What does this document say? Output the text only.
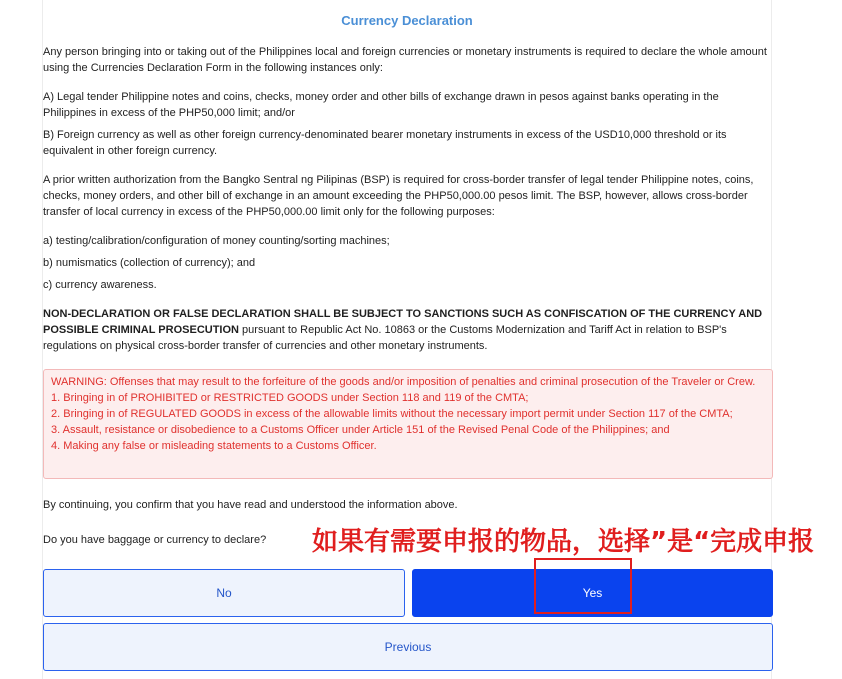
Currency Declaration

Any person bringing into or taking out of the Philippines local and foreign currencies or monetary instruments is required to declare the whole amount using the Currencies Declaration Form in the following instances only:

A) Legal tender Philippine notes and coins, checks, money order and other bills of exchange drawn in pesos against banks operating in the Philippines in excess of the PHP50,000 limit; and/or

B) Foreign currency as well as other foreign currency-denominated bearer monetary instruments in excess of the USD10,000 threshold or its equivalent in other foreign currency.

A prior written authorization from the Bangko Sentral ng Pilipinas (BSP) is required for cross-border transfer of legal tender Philippine notes, coins, checks, money orders, and other bill of exchange in an amount exceeding the PHP50,000.00 pesos limit. The BSP, however, allows cross-border transfer of local currency in excess of the PHP50,000.00 limit only for the following purposes:

a) testing/calibration/configuration of money counting/sorting machines;

b) numismatics (collection of currency); and

c) currency awareness.

NON-DECLARATION OR FALSE DECLARATION SHALL BE SUBJECT TO SANCTIONS SUCH AS CONFISCATION OF THE CURRENCY AND POSSIBLE CRIMINAL PROSECUTION pursuant to Republic Act No. 10863 or the Customs Modernization and Tariff Act in relation to BSP's regulations on physical cross-border transfer of currencies and other monetary instruments.

WARNING: Offenses that may result to the forfeiture of the goods and/or imposition of penalties and criminal prosecution of the Traveler or Crew.
1. Bringing in of PROHIBITED or RESTRICTED GOODS under Section 118 and 119 of the CMTA;
2. Bringing in of REGULATED GOODS in excess of the allowable limits without the necessary import permit under Section 117 of the CMTA;
3. Assault, resistance or disobedience to a Customs Officer under Article 151 of the Revised Penal Code of the Philippines; and
4. Making any false or misleading statements to a Customs Officer.

By continuing, you confirm that you have read and understood the information above.

Do you have baggage or currency to declare?

No	Yes
Previous
如果有需要申报的物品，选择”是“完成申报
